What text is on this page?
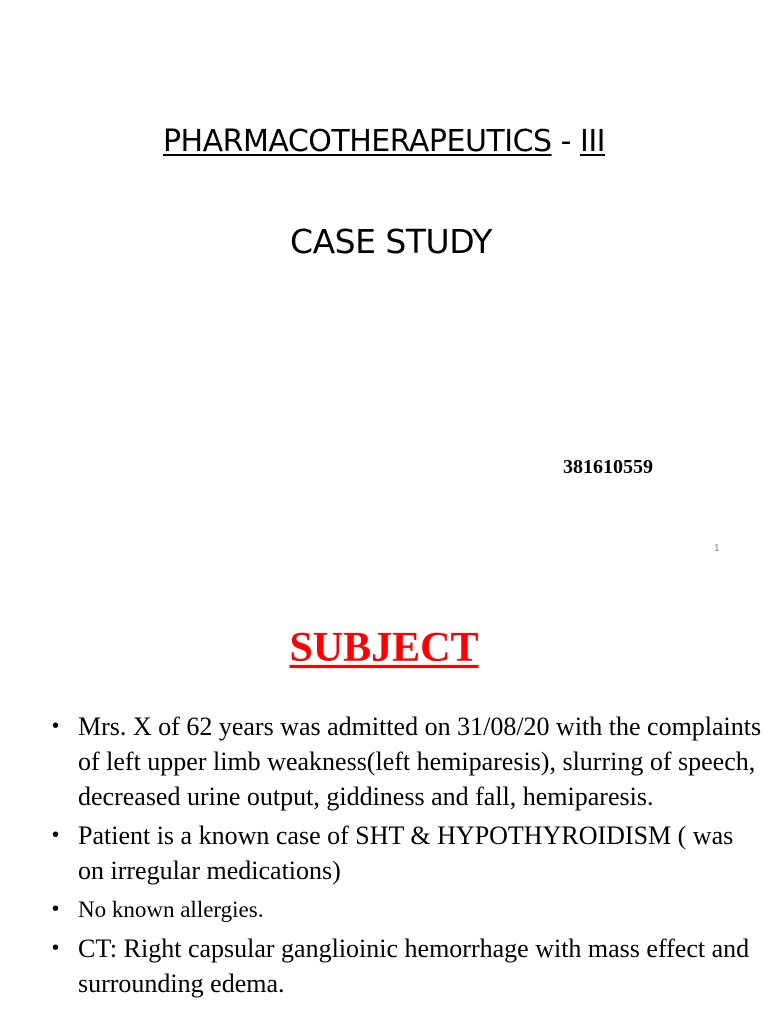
PHARMACOTHERAPEUTICS - III
CASE STUDY
381610559
1
SUBJECT
• Mrs. X of 62 years was admitted on 31/08/20 with the complaints of left upper limb weakness(left hemiparesis), slurring of speech, decreased urine output, giddiness and fall, hemiparesis.
• Patient is a known case of SHT & HYPOTHYROIDISM ( was on irregular medications)
• No known allergies.
• CT: Right capsular ganglioinic hemorrhage with mass effect and surrounding edema.
